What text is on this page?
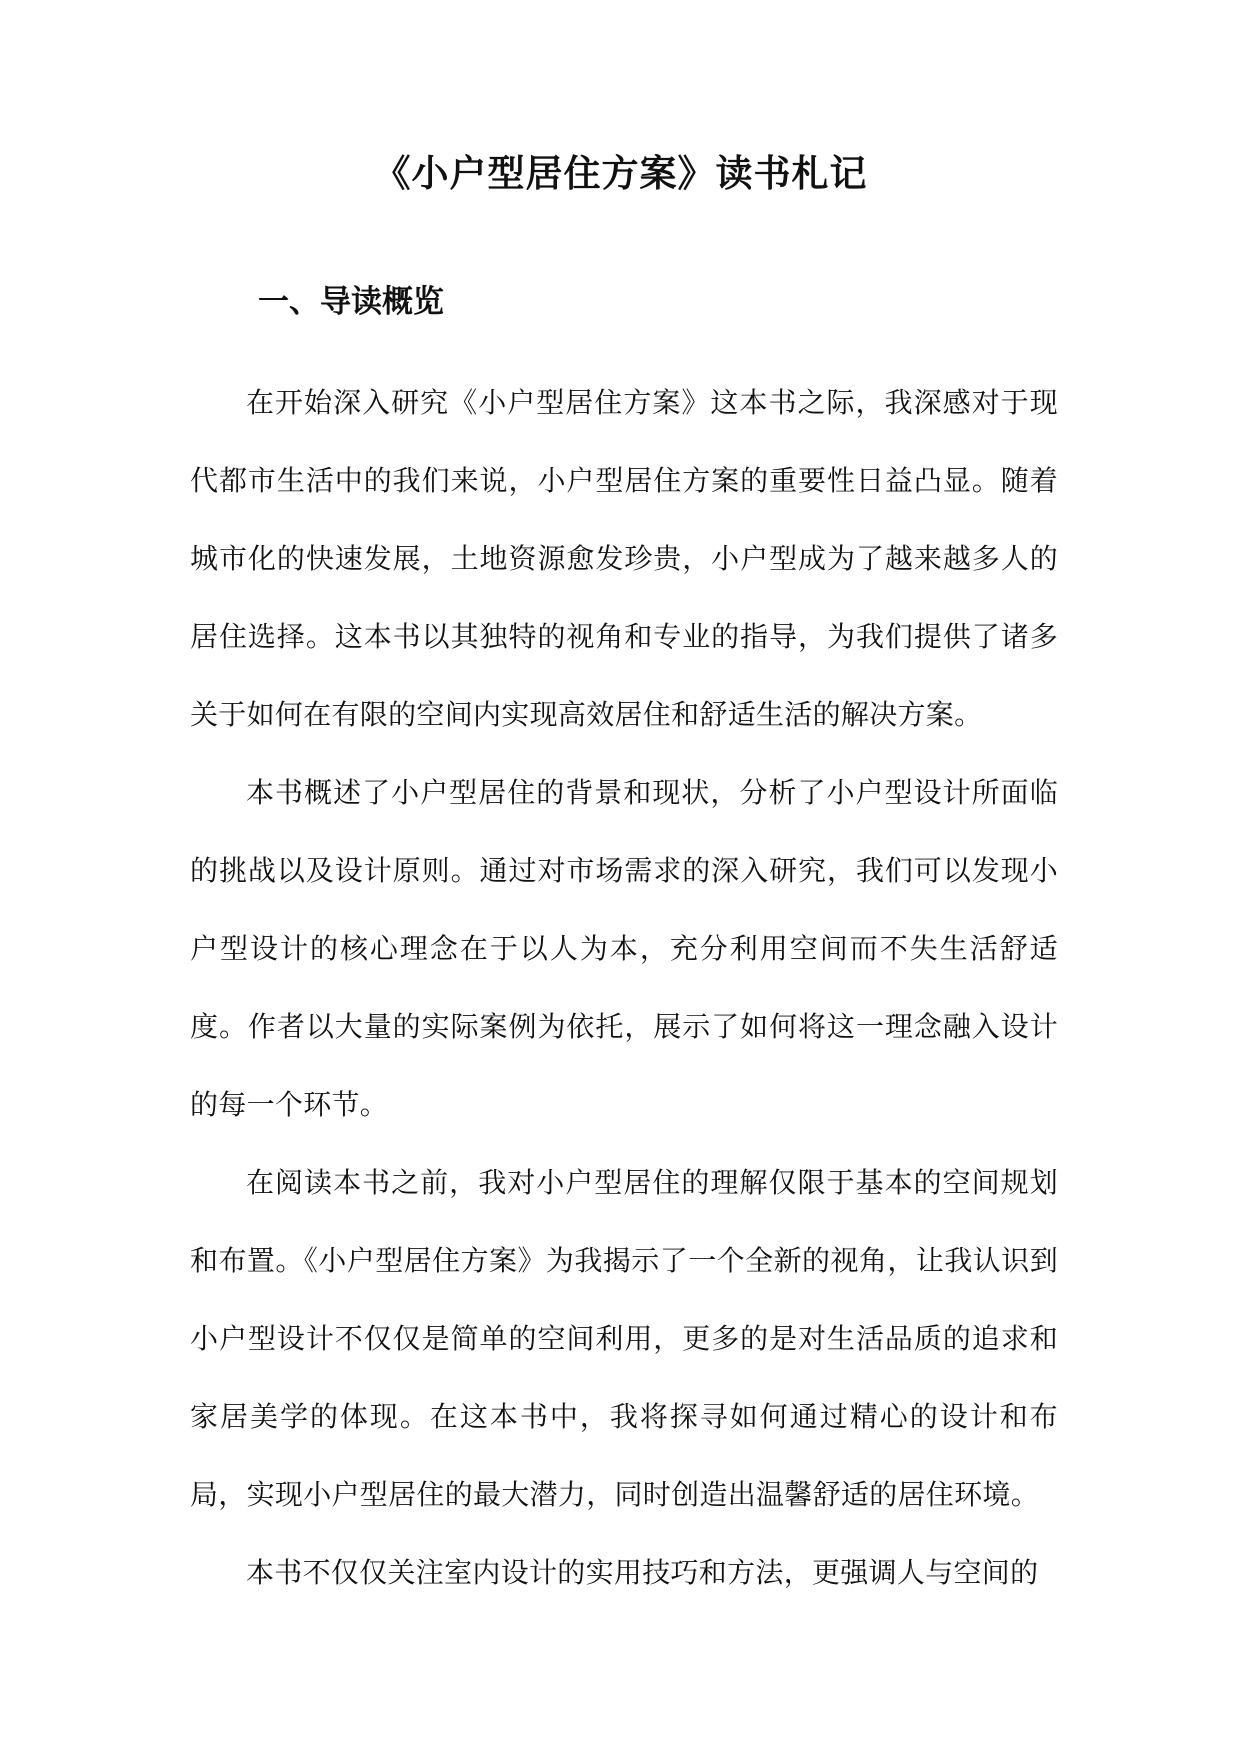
《小户型居住方案》读书札记
一、导读概览

在开始深入研究《小户型居住方案》这本书之际，我深感对于现代都市生活中的我们来说，小户型居住方案的重要性日益凸显。随着城市化的快速发展，土地资源愈发珍贵，小户型成为了越来越多人的居住选择。这本书以其独特的视角和专业的指导，为我们提供了诸多关于如何在有限的空间内实现高效居住和舒适生活的解决方案。

本书概述了小户型居住的背景和现状，分析了小户型设计所面临的挑战以及设计原则。通过对市场需求的深入研究，我们可以发现小户型设计的核心理念在于以人为本，充分利用空间而不失生活舒适度。作者以大量的实际案例为依托，展示了如何将这一理念融入设计的每一个环节。

在阅读本书之前，我对小户型居住的理解仅限于基本的空间规划和布置。《小户型居住方案》为我揭示了一个全新的视角，让我认识到小户型设计不仅仅是简单的空间利用，更多的是对生活品质的追求和家居美学的体现。在这本书中，我将探寻如何通过精心的设计和布局，实现小户型居住的最大潜力，同时创造出温馨舒适的居住环境。

本书不仅仅关注室内设计的实用技巧和方法，更强调人与空间的
